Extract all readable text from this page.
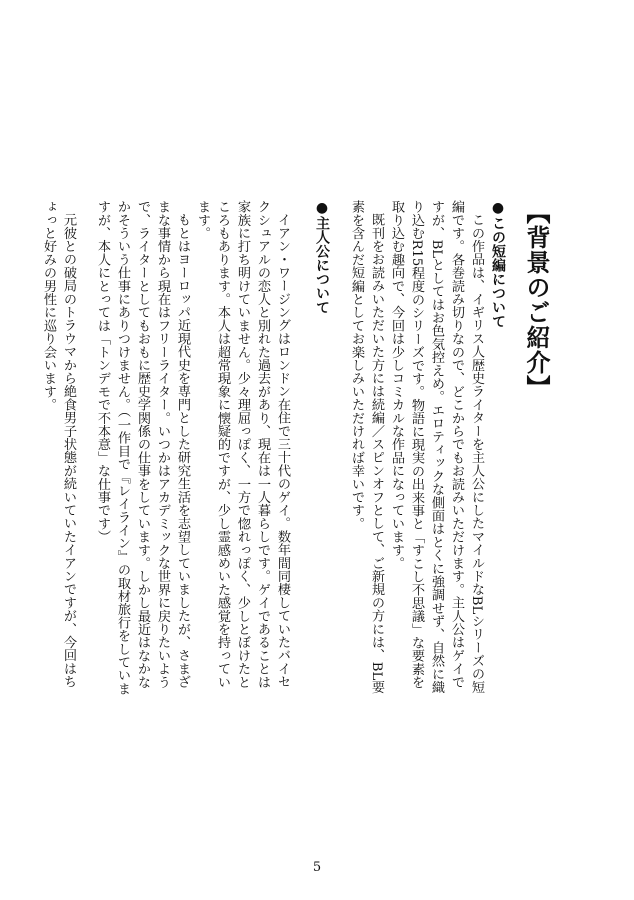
【背景のご紹介】

●この短編について

この作品は、イギリス人歴史ライターを主人公にしたマイルドなBLシリーズの短編です。各巻読み切りなので、どこからでもお読みいただけます。主人公はゲイですが、BLとしてはお色気控えめ。エロティックな側面はとくに強調せず、自然に織り込むR15程度のシリーズです。物語に現実の出来事と「すこし不思議」な要素を取り込む趣向で、今回は少しコミカルな作品になっています。

既刊をお読みいただいた方には続編／スピンオフとして、ご新規の方には、BL要素を含んだ短編としてお楽しみいただければ幸いです。

●主人公について

イアン・ワージングはロンドン在住で三十代のゲイ。数年間同棲していたバイセクシュアルの恋人と別れた過去があり、現在は一人暮らしです。ゲイであることは家族に打ち明けていません。少々理屈っぽく、一方で惚れっぽく、少しとぼけたところもあります。本人は超常現象に懐疑的ですが、少し霊感めいた感覚を持っています。

もとはヨーロッパ近現代史を専門とした研究生活を志望していましたが、さまざまな事情から現在はフリーライター。いつかはアカデミックな世界に戻りたいようで、ライターとしてもおもに歴史学関係の仕事をしています。しかし最近はなかなかそういう仕事にありつけません。（一作目で『レイライン』の取材旅行をしていますが、本人にとっては「トンデモで不本意」な仕事です）

元彼との破局のトラウマから絶食男子状態が続いていたイアンですが、今回はちょっと好みの男性に巡り会います。

5
